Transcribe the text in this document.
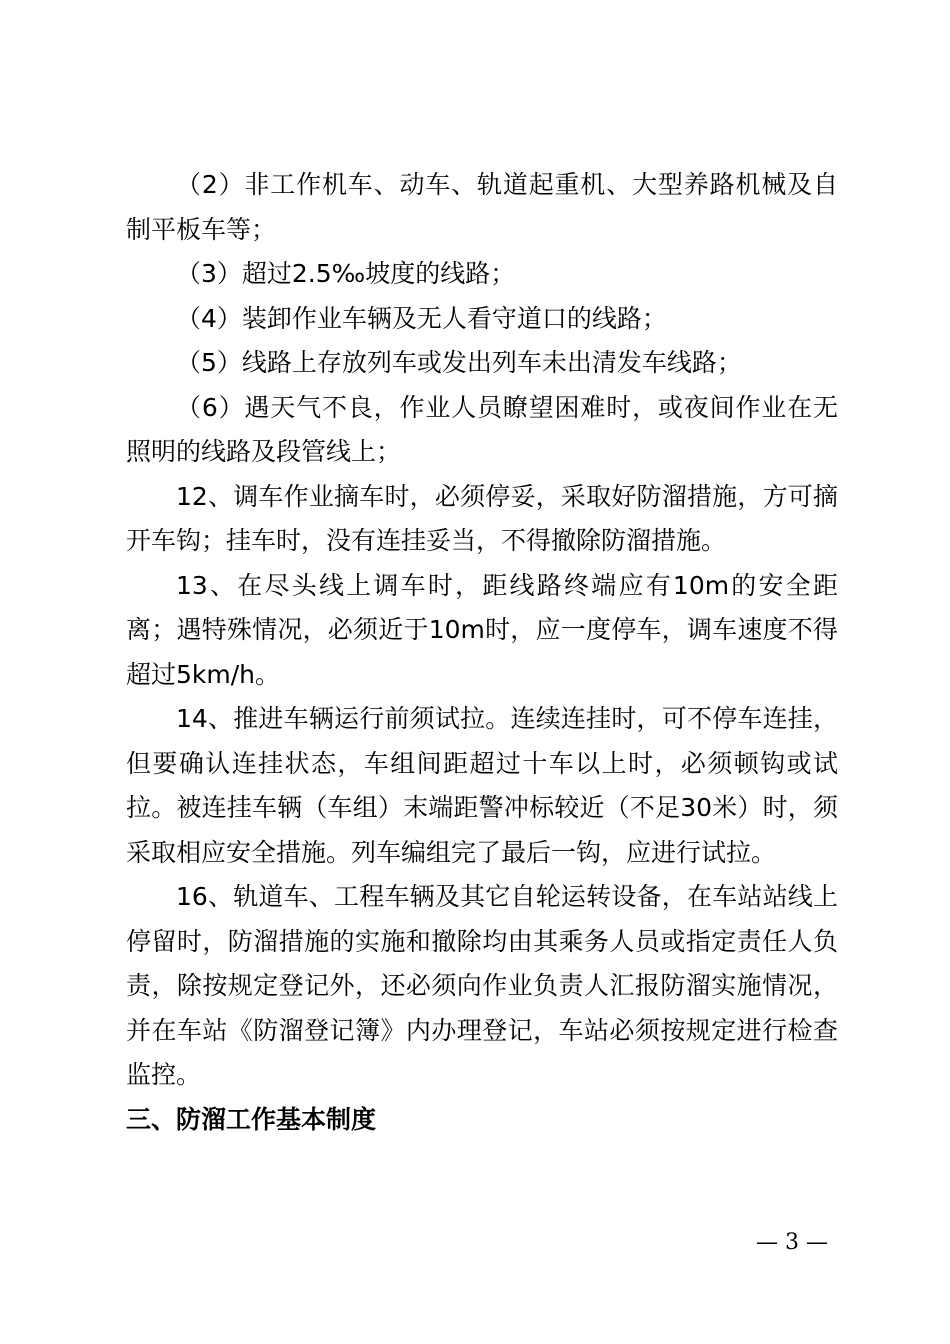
（2）非工作机车、动车、轨道起重机、大型养路机械及自制平板车等；

（3）超过2.5‰坡度的线路；

（4）装卸作业车辆及无人看守道口的线路；

（5）线路上存放列车或发出列车未出清发车线路；

（6）遇天气不良，作业人员瞭望困难时，或夜间作业在无照明的线路及段管线上；

12、调车作业摘车时，必须停妥，采取好防溜措施，方可摘开车钩；挂车时，没有连挂妥当，不得撤除防溜措施。

13、在尽头线上调车时，距线路终端应有10m的安全距离；遇特殊情况，必须近于10m时，应一度停车，调车速度不得超过5km/h。

14、推进车辆运行前须试拉。连续连挂时，可不停车连挂，但要确认连挂状态，车组间距超过十车以上时，必须顿钩或试拉。被连挂车辆（车组）末端距警冲标较近（不足30米）时，须采取相应安全措施。列车编组完了最后一钩，应进行试拉。

16、轨道车、工程车辆及其它自轮运转设备，在车站站线上停留时，防溜措施的实施和撤除均由其乘务人员或指定责任人负责，除按规定登记外，还必须向作业负责人汇报防溜实施情况，并在车站《防溜登记簿》内办理登记，车站必须按规定进行检查监控。

三、防溜工作基本制度
— 3 —
